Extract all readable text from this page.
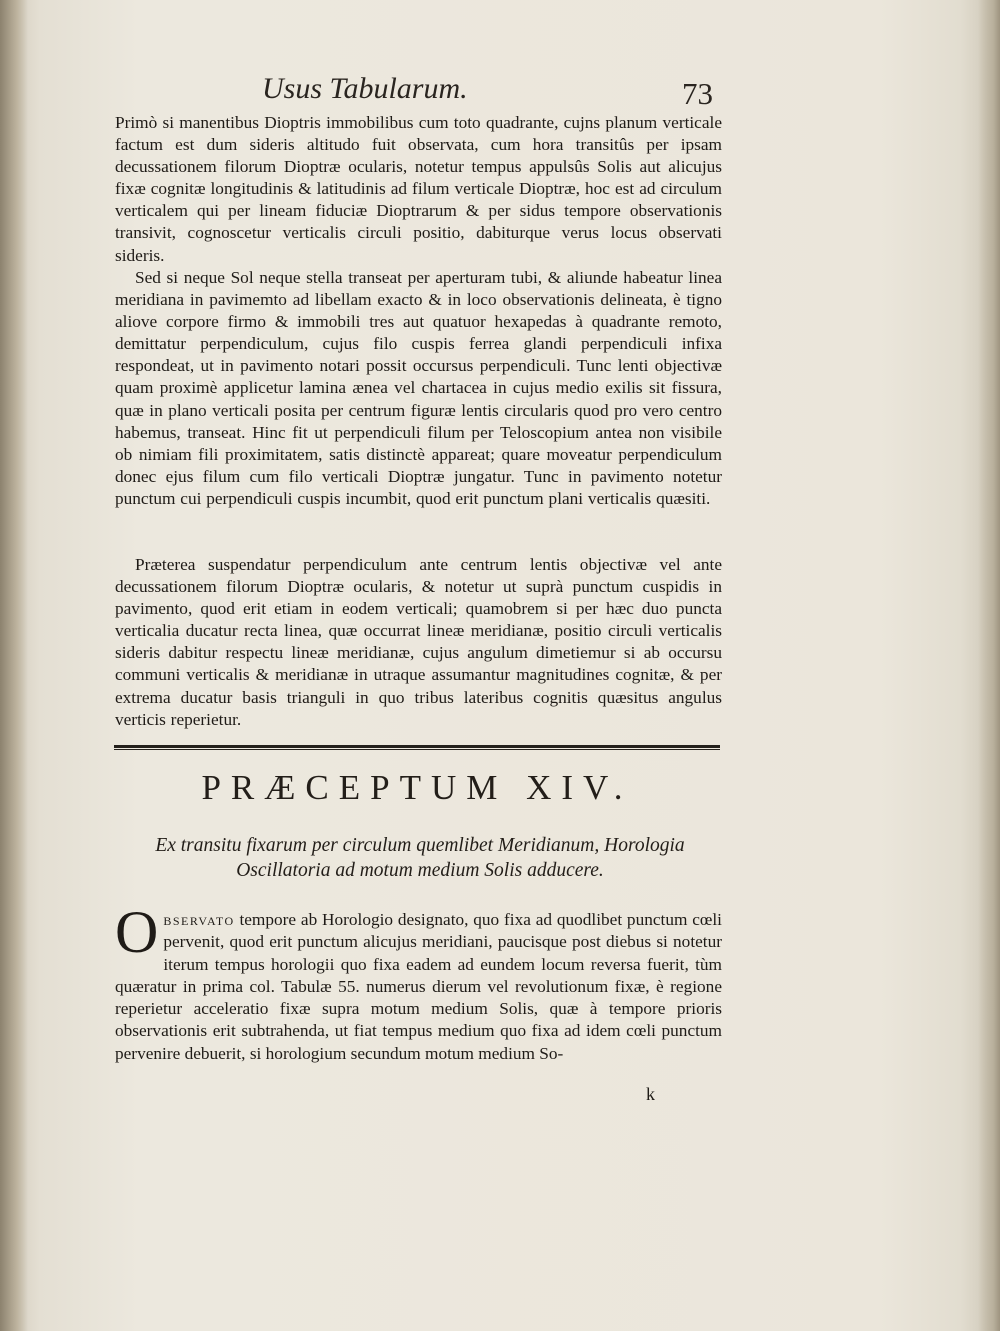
Usus Tabularum.	73
Primò si manentibus Dioptris immobilibus cum toto quadrante, cujns planum verticale factum est dum sideris altitudo fuit observata, cum hora transitûs per ipsam decussationem filorum Dioptræ ocularis, notetur tempus appulsûs Solis aut alicujus fixæ cognitæ longitudinis & latitudinis ad filum verticale Dioptræ, hoc est ad circulum verticalem qui per lineam fiduciæ Dioptrarum & per sidus tempore observationis transivit, cognoscetur verticalis circuli positio, dabiturque verus locus observati sideris.
Sed si neque Sol neque stella transeat per aperturam tubi, & aliunde habeatur linea meridiana in pavimemto ad libellam exacto & in loco observationis delineata, è tigno aliove corpore firmo & immobili tres aut quatuor hexapedas à quadrante remoto, demittatur perpendiculum, cujus filo cuspis ferrea glandi perpendiculi infixa respondeat, ut in pavimento notari possit occursus perpendiculi. Tunc lenti objectivæ quam proximè applicetur lamina ænea vel chartacea in cujus medio exilis sit fissura, quæ in plano verticali posita per centrum figuræ lentis circularis quod pro vero centro habemus, transeat. Hinc fit ut perpendiculi filum per Telоscopium antea non visibile ob nimiam fili proximitatem, satis distinctè appareat; quare moveatur perpendiculum donec ejus filum cum filo verticali Dioptræ jungatur. Tunc in pavimento notetur punctum cui perpendiculi cuspis incumbit, quod erit punctum plani verticalis quæsiti.
Præterea suspendatur perpendiculum ante centrum lentis objectivæ vel ante decussationem filorum Dioptræ ocularis, & notetur ut suprà punctum cuspidis in pavimento, quod erit etiam in eodem verticali; quamobrem si per hæc duo puncta verticalia ducatur recta linea, quæ occurrat lineæ meridianæ, positio circuli verticalis sideris dabitur respectu lineæ meridianæ, cujus angulum dimetiemur si ab occursu communi verticalis & meridianæ in utraque assumantur magnitudines cognitæ, & per extrema ducatur basis trianguli in quo tribus lateribus cognitis quæsitus angulus verticis reperietur.
PRÆCEPTUM XIV.
Ex transitu fixarum per circulum quemlibet Meridianum, Horologia Oscillatoria ad motum medium Solis adducere.
Observato tempore ab Horologio designato, quo fixa ad quodlibet punctum cœli pervenit, quod erit punctum alicujus meridiani, paucisque post diebus si notetur iterum tempus horologii quo fixa eadem ad eundem locum reversa fuerit, tùm quæratur in prima col. Tabulæ 55. numerus dierum vel revolutionum fixæ, è regione reperietur acceleratio fixæ supra motum medium Solis, quæ à tempore prioris observationis erit subtrahenda, ut fiat tempus medium quo fixa ad idem cœli punctum pervenire debuerit, si horologium secundum motum medium So-
k
